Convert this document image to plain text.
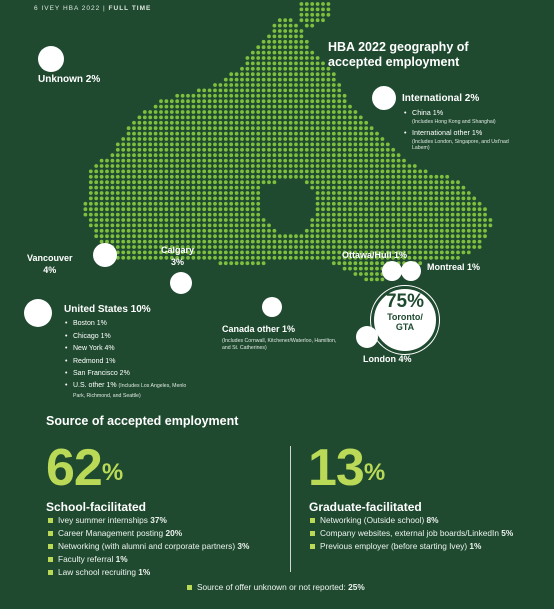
6 IVEY HBA 2022 | FULL TIME
HBA 2022 geography of
accepted employment
Unknown 2%
International 2%
• China 1%
(Includes Hong Kong and Shanghai)
• International other 1%
(Includes London, Singapore, and Ust'nad Labem)
Vancouver
4%
Calgary
3%
Canada other 1%
(Includes Cornwall, Kitchener/Waterloo, Hamilton, and St. Catherines)
Ottawa/Hull 1%
Montreal 1%
75%
Toronto/
GTA
London 4%
United States 10%
• Boston 1%
• Chicago 1%
• New York 4%
• Redmond 1%
• San Francisco 2%
• U.S. other 1% (Includes Los Angeles, Menlo Park, Richmond, and Seattle)
Source of accepted employment
62%
School-facilitated
Ivey summer internships 37%
Career Management posting 20%
Networking (with alumni and corporate partners) 3%
Faculty referral 1%
Law school recruiting 1%
13%
Graduate-facilitated
Networking (Outside school) 8%
Company websites, external job boards/LinkedIn 5%
Previous employer (before starting Ivey) 1%
Source of offer unknown or not reported: 25%
